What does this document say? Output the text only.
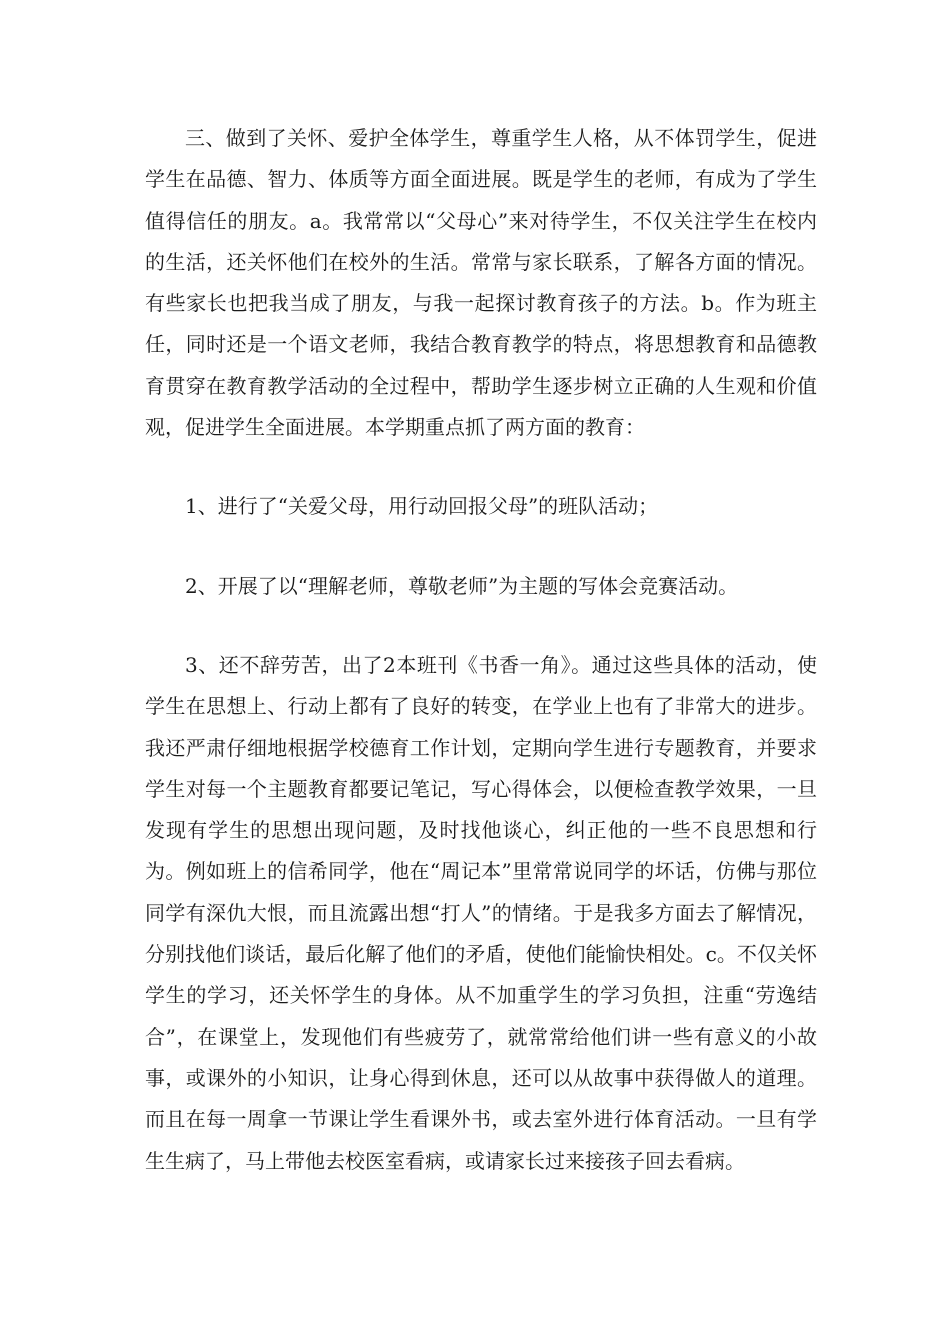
三、做到了关怀、爱护全体学生，尊重学生人格，从不体罚学生，促进学生在品德、智力、体质等方面全面进展。既是学生的老师，有成为了学生值得信任的朋友。a。我常常以“父母心”来对待学生，不仅关注学生在校内的生活，还关怀他们在校外的生活。常常与家长联系，了解各方面的情况。有些家长也把我当成了朋友，与我一起探讨教育孩子的方法。b。作为班主任，同时还是一个语文老师，我结合教育教学的特点，将思想教育和品德教育贯穿在教育教学活动的全过程中，帮助学生逐步树立正确的人生观和价值观，促进学生全面进展。本学期重点抓了两方面的教育：

1、进行了“关爱父母，用行动回报父母”的班队活动；

2、开展了以“理解老师，尊敬老师”为主题的写体会竞赛活动。

3、还不辞劳苦，出了2本班刊《书香一角》。通过这些具体的活动，使学生在思想上、行动上都有了良好的转变，在学业上也有了非常大的进步。我还严肃仔细地根据学校德育工作计划，定期向学生进行专题教育，并要求学生对每一个主题教育都要记笔记，写心得体会，以便检查教学效果，一旦发现有学生的思想出现问题，及时找他谈心，纠正他的一些不良思想和行为。例如班上的信希同学，他在“周记本”里常常说同学的坏话，仿佛与那位同学有深仇大恨，而且流露出想“打人”的情绪。于是我多方面去了解情况，分别找他们谈话，最后化解了他们的矛盾，使他们能愉快相处。c。不仅关怀学生的学习，还关怀学生的身体。从不加重学生的学习负担，注重“劳逸结合”，在课堂上，发现他们有些疲劳了，就常常给他们讲一些有意义的小故事，或课外的小知识，让身心得到休息，还可以从故事中获得做人的道理。而且在每一周拿一节课让学生看课外书，或去室外进行体育活动。一旦有学生生病了，马上带他去校医室看病，或请家长过来接孩子回去看病。
